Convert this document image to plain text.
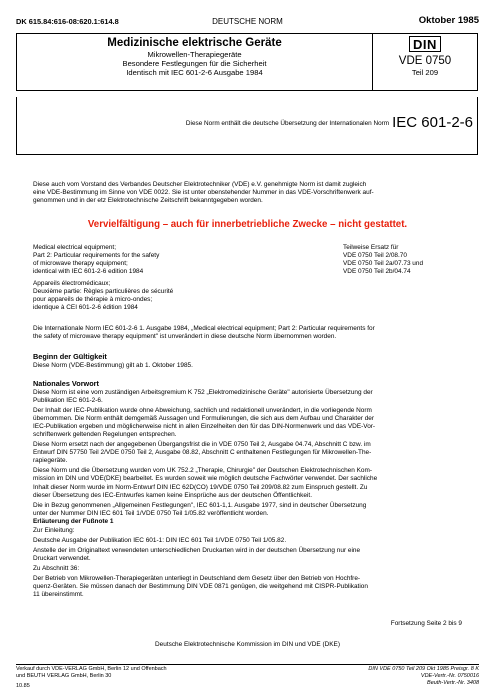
DK 615.84:616-08:620.1:614.8	DEUTSCHE NORM	Oktober 1985
Medizinische elektrische Geräte
Mikrowellen-Therapiegeräte
Besondere Festlegungen für die Sicherheit
Identisch mit IEC 601-2-6 Ausgabe 1984
DIN
VDE 0750
Teil 209
Diese Norm enthält die deutsche Übersetzung der Internationalen Norm IEC 601-2-6
Diese auch vom Vorstand des Verbandes Deutscher Elektrotechniker (VDE) e.V. genehmigte Norm ist damit zugleich
eine VDE-Bestimmung im Sinne von VDE 0022. Sie ist unter obenstehender Nummer in das VDE-Vorschriftenwerk auf-
genommen und in der etz Elektrotechnische Zeitschrift bekanntgegeben worden.
Vervielfältigung – auch für innerbetriebliche Zwecke – nicht gestattet.
Medical electrical equipment;
Part 2: Particular requirements for the safety
of microwave therapy equipment;
identical with IEC 601-2-6 edition 1984
Teilweise Ersatz für
VDE 0750 Teil 2/08.70
VDE 0750 Teil 2a/07.73 und
VDE 0750 Teil 2b/04.74
Appareils électromédicaux;
Deuxième partie: Règles particulières de sécurité
pour appareils de thérapie à micro-ondes;
identique à CEI 601-2-6 édition 1984
Die Internationale Norm IEC 601-2-6 1. Ausgabe 1984, „Medical electrical equipment; Part 2: Particular requirements for
the safety of microwave therapy equipment" ist unverändert in diese deutsche Norm übernommen worden.
Beginn der Gültigkeit
Diese Norm (VDE-Bestimmung) gilt ab 1. Oktober 1985.
Nationales Vorwort
Diese Norm ist eine vom zuständigen Arbeitsgremium K 752 „Elektromedizinische Geräte" autorisierte Übersetzung der
Publikation IEC 601-2-6.
Der Inhalt der IEC-Publikation wurde ohne Abweichung, sachlich und redaktionell unverändert, in die vorliegende Norm
übernommen. Die Norm enthält demgemäß Aussagen und Formulierungen, die sich aus dem Aufbau und Charakter der
IEC-Publikation ergeben und möglicherweise nicht in allen Einzelheiten den für das DIN-Normenwerk und das VDE-Vor-
schriftenwerk geltenden Regelungen entsprechen.
Diese Norm ersetzt nach der angegebenen Übergangsfrist die in VDE 0750 Teil 2, Ausgabe 04.74, Abschnitt C bzw. im
Entwurf DIN 57750 Teil 2/VDE 0750 Teil 2, Ausgabe 08.82, Abschnitt C enthaltenen Festlegungen für Mikrowellen-The-
rapiegeräte.
Diese Norm und die Übersetzung wurden vom UK 752.2 „Therapie, Chirurgie" der Deutschen Elektrotechnischen Kom-
mission im DIN und VDE(DKE) bearbeitet. Es wurden soweit wie möglich deutsche Fachwörter verwendet. Der sachliche
Inhalt dieser Norm wurde im Norm-Entwurf DIN IEC 62D(CO) 19/VDE 0750 Teil 209/08.82 zum Einspruch gestellt. Zu
dieser Übersetzung des IEC-Entwurfes kamen keine Einsprüche aus der deutschen Öffentlichkeit.
Die in Bezug genommenen „Allgemeinen Festlegungen", IEC 601-1,1. Ausgabe 1977, sind in deutscher Übersetzung
unter der Nummer DIN IEC 601 Teil 1/VDE 0750 Teil 1/05.82 veröffentlicht worden.
Erläuterung der Fußnote 1
Zur Einleitung:
Deutsche Ausgabe der Publikation IEC 601-1: DIN IEC 601 Teil 1/VDE 0750 Teil 1/05.82.
Anstelle der im Originaltext verwendeten unterschiedlichen Druckarten wird in der deutschen Übersetzung nur eine
Druckart verwendet.
Zu Abschnitt 36:
Der Betrieb von Mikrowellen-Therapiegeräten unterliegt in Deutschland dem Gesetz über den Betrieb von Hochfre-
quenz-Geräten. Sie müssen danach der Bestimmung DIN VDE 0871 genügen, die weitgehend mit CISPR-Publikation
11 übereinstimmt.
Fortsetzung Seite 2 bis 9
Deutsche Elektrotechnische Kommission im DIN und VDE (DKE)
Verkauf durch VDE-VERLAG GmbH, Berlin 12 und Offenbach
und BEUTH VERLAG GmbH, Berlin 30
10.85
DIN VDE 0750 Teil 209 Okt 1985 Preisgr. 8 K
VDE-Vertr.-Nr. 0750016
Beuth-Vertr.-Nr. 3408
